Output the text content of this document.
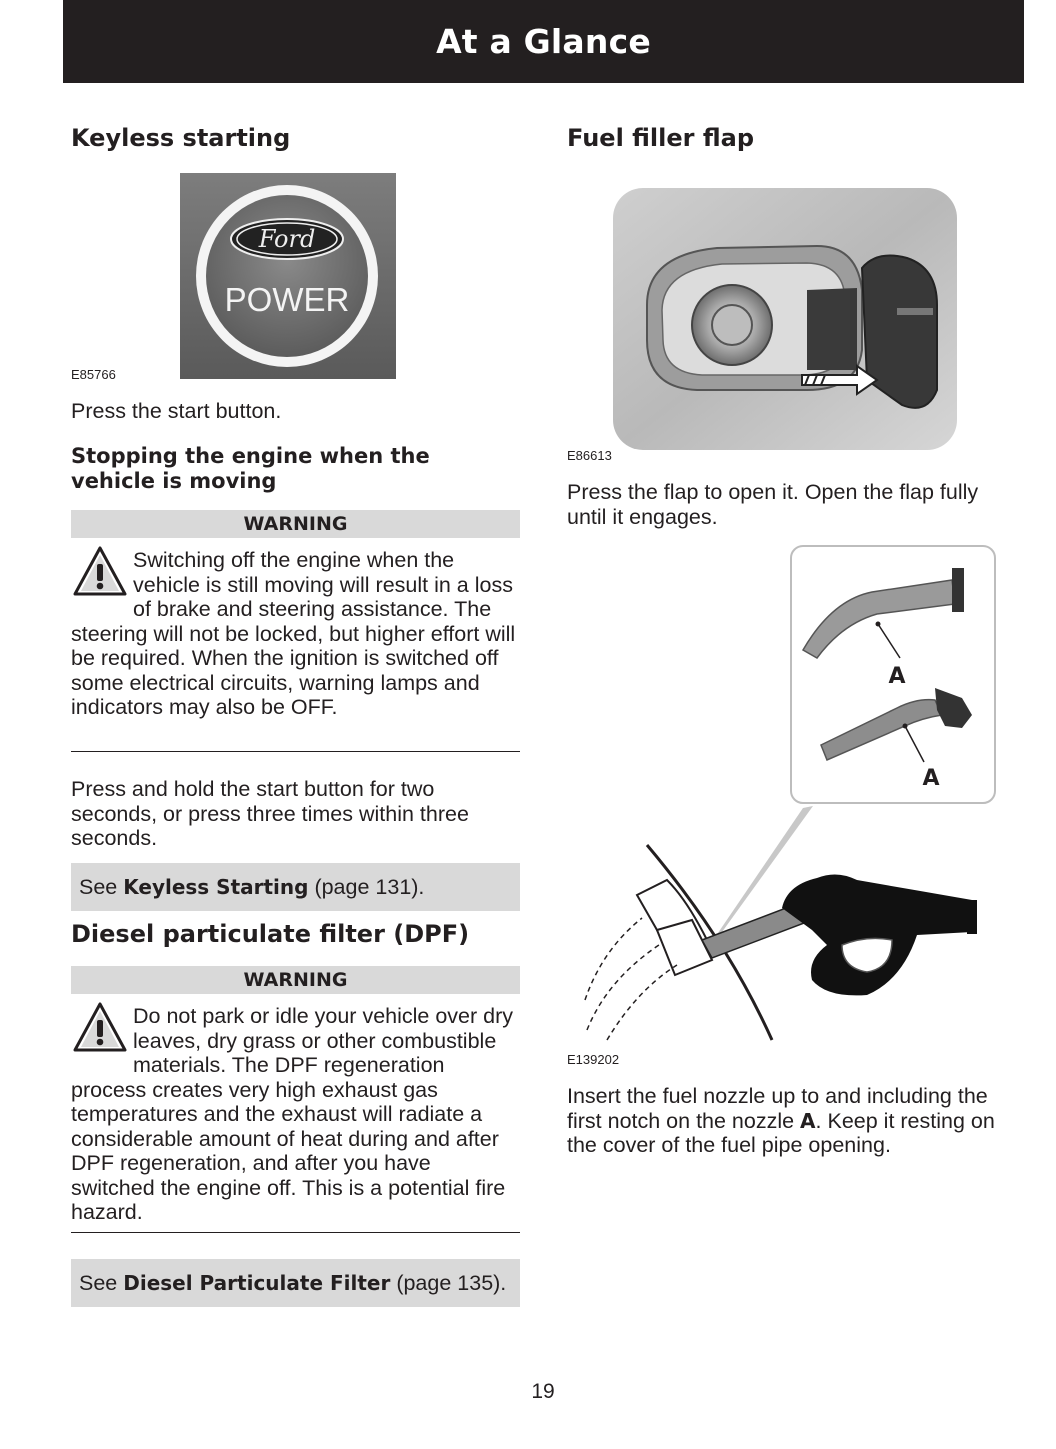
At a Glance
Keyless starting
Ford
POWER
E85766

Press the start button.

Stopping the engine when the vehicle is moving
WARNING
Switching off the engine when the vehicle is still moving will result in a loss of brake and steering assistance. The steering will not be locked, but higher effort will be required. When the ignition is switched off some electrical circuits, warning lamps and indicators may also be OFF.

Press and hold the start button for two seconds, or press three times within three seconds.

See Keyless Starting (page 131).
Diesel particulate filter (DPF)
WARNING
Do not park or idle your vehicle over dry leaves, dry grass or other combustible materials. The DPF regeneration process creates very high exhaust gas temperatures and the exhaust will radiate a considerable amount of heat during and after DPF regeneration, and after you have switched the engine off. This is a potential fire hazard.
See Diesel Particulate Filter (page 135).
Fuel filler flap
E86613

Press the flap to open it. Open the flap fully until it engages.

A
A
E139202

Insert the fuel nozzle up to and including the first notch on the nozzle A. Keep it resting on the cover of the fuel pipe opening.

19
